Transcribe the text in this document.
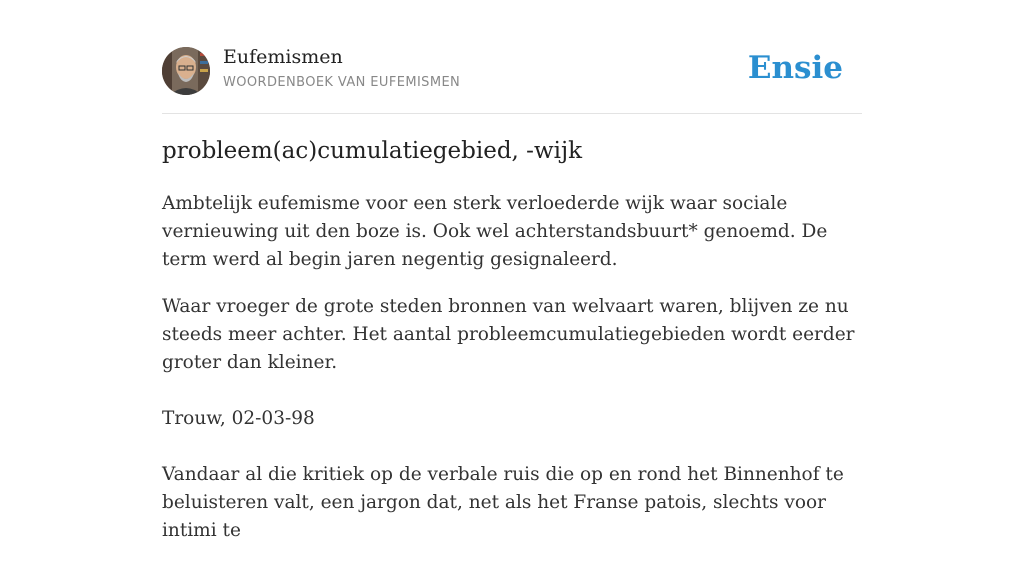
Eufemismen
WOORDENBOEK VAN EUFEMISMEN	Ensie
probleem(ac)cumulatiegebied, -wijk

Ambtelijk eufemisme voor een sterk verloederde wijk waar sociale vernieuwing uit den boze is. Ook wel achterstandsbuurt* genoemd. De term werd al begin jaren negentig gesignaleerd.

Waar vroeger de grote steden bronnen van welvaart waren, blijven ze nu steeds meer achter. Het aantal probleemcumulatiegebieden wordt eerder groter dan kleiner.

Trouw, 02-03-98

Vandaar al die kritiek op de verbale ruis die op en rond het Binnenhof te beluisteren valt, een jargon dat, net als het Franse patois, slechts voor intimi te
